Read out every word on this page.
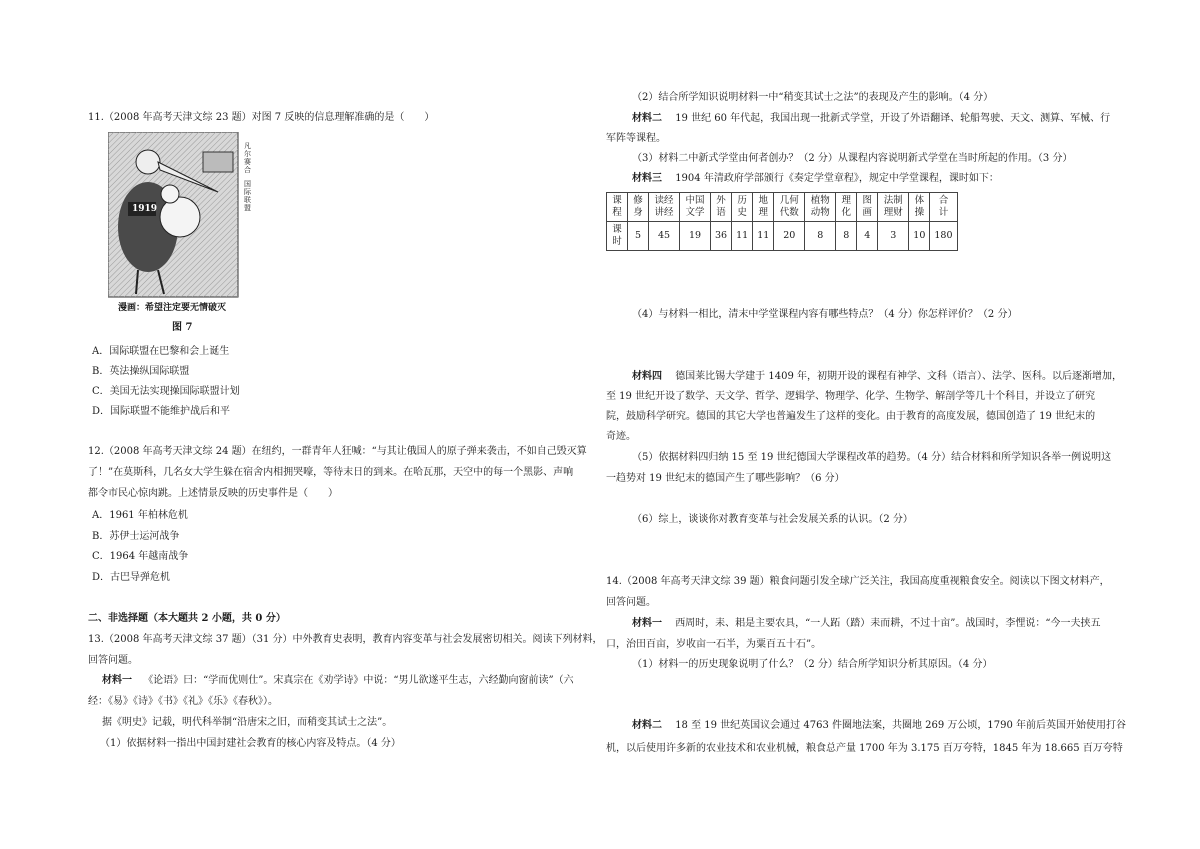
11.（2008 年高考天津文综 23 题）对图 7 反映的信息理解准确的是（　　）
1919
凡尔赛合
国际联盟
漫画：希望注定要无情破灭
图 7
A．国际联盟在巴黎和会上诞生
B．英法操纵国际联盟
C．美国无法实现操国际联盟计划
D．国际联盟不能维护战后和平
12.（2008 年高考天津文综 24 题）在纽约，一群青年人狂喊：“与其让俄国人的原子弹来袭击，不如自己毁灭算
了！”在莫斯科，几名女大学生躲在宿舍内相拥哭嚎，等待末日的到来。在哈瓦那，天空中的每一个黑影、声响
都令市民心惊肉跳。上述情景反映的历史事件是（　　）
A．1961 年柏林危机
B．苏伊士运河战争
C．1964 年越南战争
D．古巴导弹危机
二、非选择题（本大题共 2 小题，共 0 分）
13.（2008 年高考天津文综 37 题）（31 分）中外教育史表明，教育内容变革与社会发展密切相关。阅读下列材料，
回答问题。
材料一 《论语》曰：“学而优则仕”。宋真宗在《劝学诗》中说：“男儿欲遂平生志，六经勤向窗前读”（六
经：《易》《诗》《书》《礼》《乐》《春秋》）。
据《明史》记载，明代科举制“沿唐宋之旧，而稍变其试士之法”。
（1）依据材料一指出中国封建社会教育的核心内容及特点。（4 分）
（2）结合所学知识说明材料一中“稍变其试士之法”的表现及产生的影响。（4 分）
材料二 19 世纪 60 年代起，我国出现一批新式学堂，开设了外语翻译、轮船驾驶、天文、测算、军械、行
军阵等课程。
（3）材料二中新式学堂由何者创办？（2 分）从课程内容说明新式学堂在当时所起的作用。（3 分）
材料三 1904 年清政府学部颁行《奏定学堂章程》，规定中学堂课程，课时如下：
课程	修身	读经讲经	中国文学	外语	历史	地理	几何代数	植物动物	理化	图画	法制理财	体操	合计
课时	5	45	19	36	11	11	20	8	8	4	3	10	180
（4）与材料一相比，清末中学堂课程内容有哪些特点？（4 分）你怎样评价？（2 分）
材料四 德国莱比锡大学建于 1409 年，初期开设的课程有神学、文科（语言）、法学、医科。以后逐渐增加，
至 19 世纪开设了数学、天文学、哲学、逻辑学、物理学、化学、生物学、解剖学等几十个科目，并设立了研究
院，鼓励科学研究。德国的其它大学也普遍发生了这样的变化。由于教育的高度发展，德国创造了 19 世纪末的
奇迹。
（5）依据材料四归纳 15 至 19 世纪德国大学课程改革的趋势。（4 分）结合材料和所学知识各举一例说明这
一趋势对 19 世纪末的德国产生了哪些影响？（6 分）
（6）综上，谈谈你对教育变革与社会发展关系的认识。（2 分）
14.（2008 年高考天津文综 39 题）粮食问题引发全球广泛关注，我国高度重视粮食安全。阅读以下图文材料产，
回答问题。
材料一 西周时，耒、耜是主要农具，“一人跖（踏）耒而耕，不过十亩”。战国时，李悝说：“今一夫挟五
口，治田百亩，岁收亩一石半，为粟百五十石”。
（1）材料一的历史现象说明了什么？（2 分）结合所学知识分析其原因。（4 分）
材料二 18 至 19 世纪英国议会通过 4763 件圈地法案，共圈地 269 万公顷，1790 年前后英国开始使用打谷
机，以后使用许多新的农业技术和农业机械，粮食总产量 1700 年为 3.175 百万夸特，1845 年为 18.665 百万夸特
